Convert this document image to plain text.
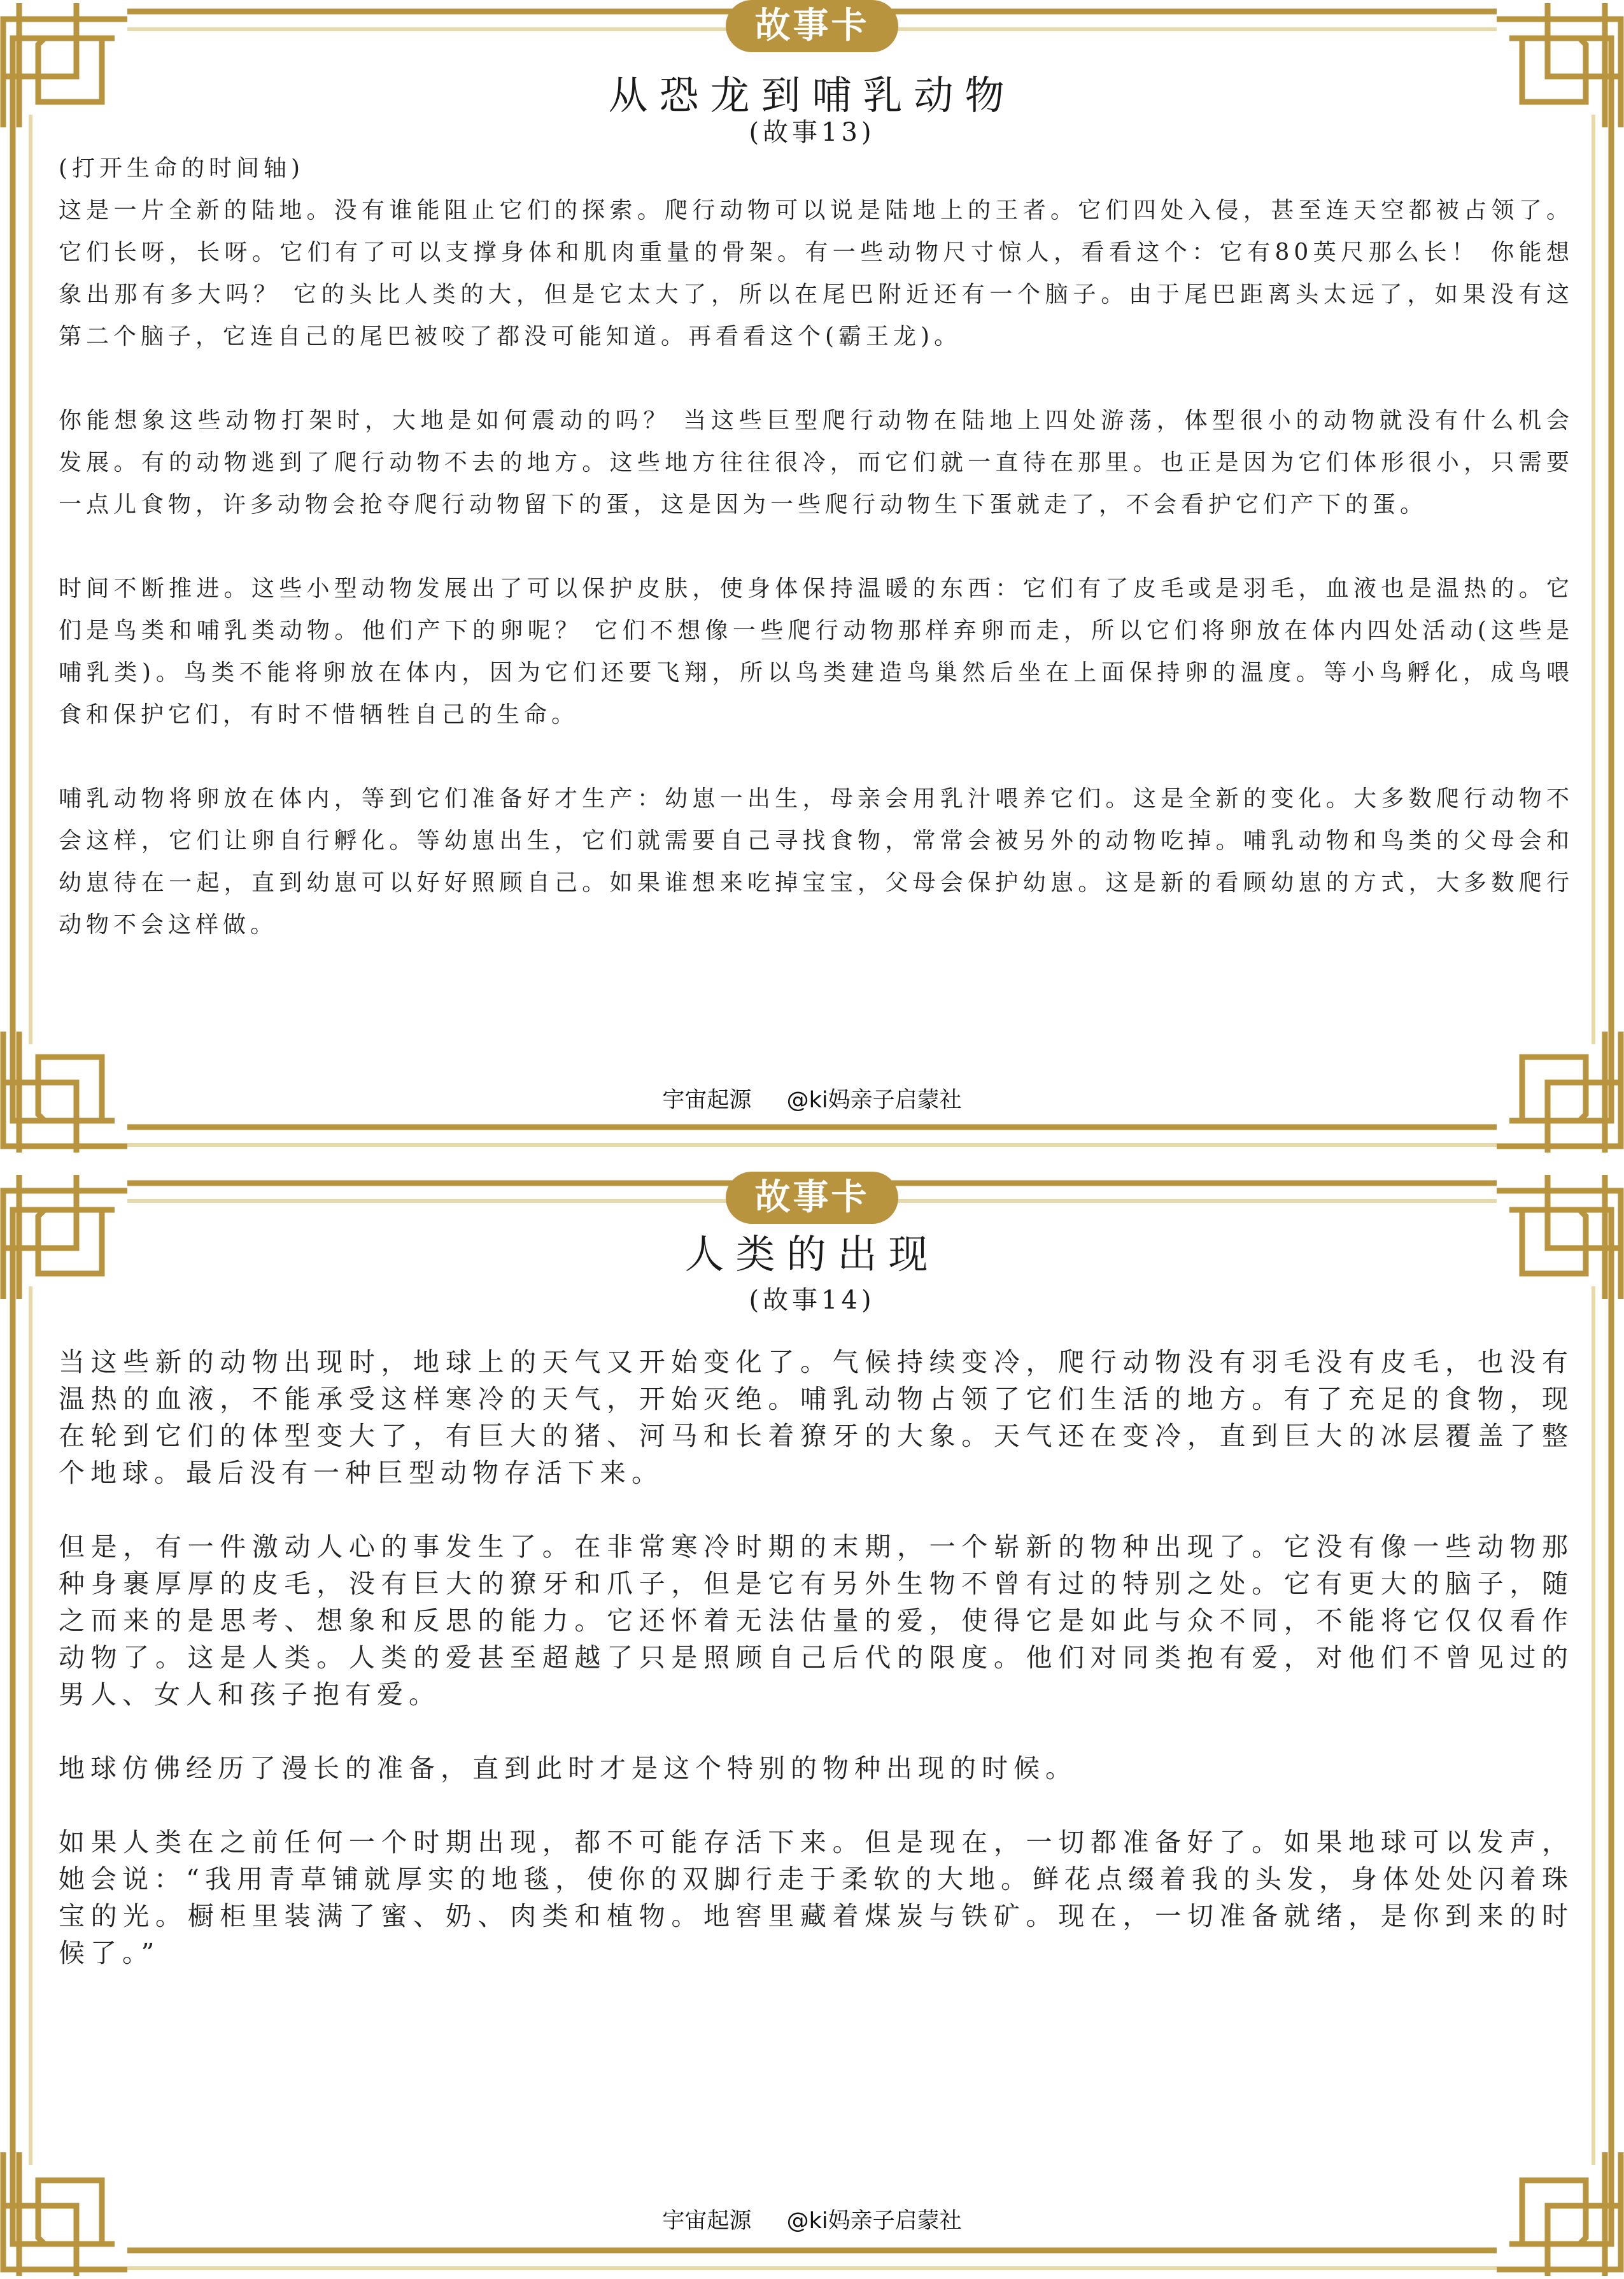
故事卡
从恐龙到哺乳动物
(故事13)

(打开生命的时间轴)

这是一片全新的陆地。没有谁能阻止它们的探索。爬行动物可以说是陆地上的王者。它们四处入侵，甚至连天空都被占领了。它们长呀，长呀。它们有了可以支撑身体和肌肉重量的骨架。有一些动物尺寸惊人，看看这个：它有80英尺那么长！ 你能想象出那有多大吗？ 它的头比人类的大，但是它太大了，所以在尾巴附近还有一个脑子。由于尾巴距离头太远了，如果没有这第二个脑子，它连自己的尾巴被咬了都没可能知道。再看看这个(霸王龙)。

你能想象这些动物打架时，大地是如何震动的吗？ 当这些巨型爬行动物在陆地上四处游荡，体型很小的动物就没有什么机会发展。有的动物逃到了爬行动物不去的地方。这些地方往往很冷，而它们就一直待在那里。也正是因为它们体形很小，只需要一点儿食物，许多动物会抢夺爬行动物留下的蛋，这是因为一些爬行动物生下蛋就走了，不会看护它们产下的蛋。

时间不断推进。这些小型动物发展出了可以保护皮肤，使身体保持温暖的东西：它们有了皮毛或是羽毛，血液也是温热的。它们是鸟类和哺乳类动物。他们产下的卵呢？ 它们不想像一些爬行动物那样弃卵而走，所以它们将卵放在体内四处活动(这些是哺乳类)。鸟类不能将卵放在体内，因为它们还要飞翔，所以鸟类建造鸟巢然后坐在上面保持卵的温度。等小鸟孵化，成鸟喂食和保护它们，有时不惜牺牲自己的生命。

哺乳动物将卵放在体内，等到它们准备好才生产：幼崽一出生，母亲会用乳汁喂养它们。这是全新的变化。大多数爬行动物不会这样，它们让卵自行孵化。等幼崽出生，它们就需要自己寻找食物，常常会被另外的动物吃掉。哺乳动物和鸟类的父母会和幼崽待在一起，直到幼崽可以好好照顾自己。如果谁想来吃掉宝宝，父母会保护幼崽。这是新的看顾幼崽的方式，大多数爬行动物不会这样做。

宇宙起源 @ki妈亲子启蒙社
故事卡
人类的出现
(故事14)

当这些新的动物出现时，地球上的天气又开始变化了。气候持续变冷，爬行动物没有羽毛没有皮毛，也没有温热的血液，不能承受这样寒冷的天气，开始灭绝。哺乳动物占领了它们生活的地方。有了充足的食物，现在轮到它们的体型变大了，有巨大的猪、河马和长着獠牙的大象。天气还在变冷，直到巨大的冰层覆盖了整个地球。最后没有一种巨型动物存活下来。

但是，有一件激动人心的事发生了。在非常寒冷时期的末期，一个崭新的物种出现了。它没有像一些动物那种身裹厚厚的皮毛，没有巨大的獠牙和爪子，但是它有另外生物不曾有过的特别之处。它有更大的脑子，随之而来的是思考、想象和反思的能力。它还怀着无法估量的爱，使得它是如此与众不同，不能将它仅仅看作动物了。这是人类。人类的爱甚至超越了只是照顾自己后代的限度。他们对同类抱有爱，对他们不曾见过的男人、女人和孩子抱有爱。

地球仿佛经历了漫长的准备，直到此时才是这个特别的物种出现的时候。

如果人类在之前任何一个时期出现，都不可能存活下来。但是现在，一切都准备好了。如果地球可以发声，她会说：“我用青草铺就厚实的地毯，使你的双脚行走于柔软的大地。鲜花点缀着我的头发，身体处处闪着珠宝的光。橱柜里装满了蜜、奶、肉类和植物。地窖里藏着煤炭与铁矿。现在，一切准备就绪，是你到来的时候了。”

宇宙起源 @ki妈亲子启蒙社
